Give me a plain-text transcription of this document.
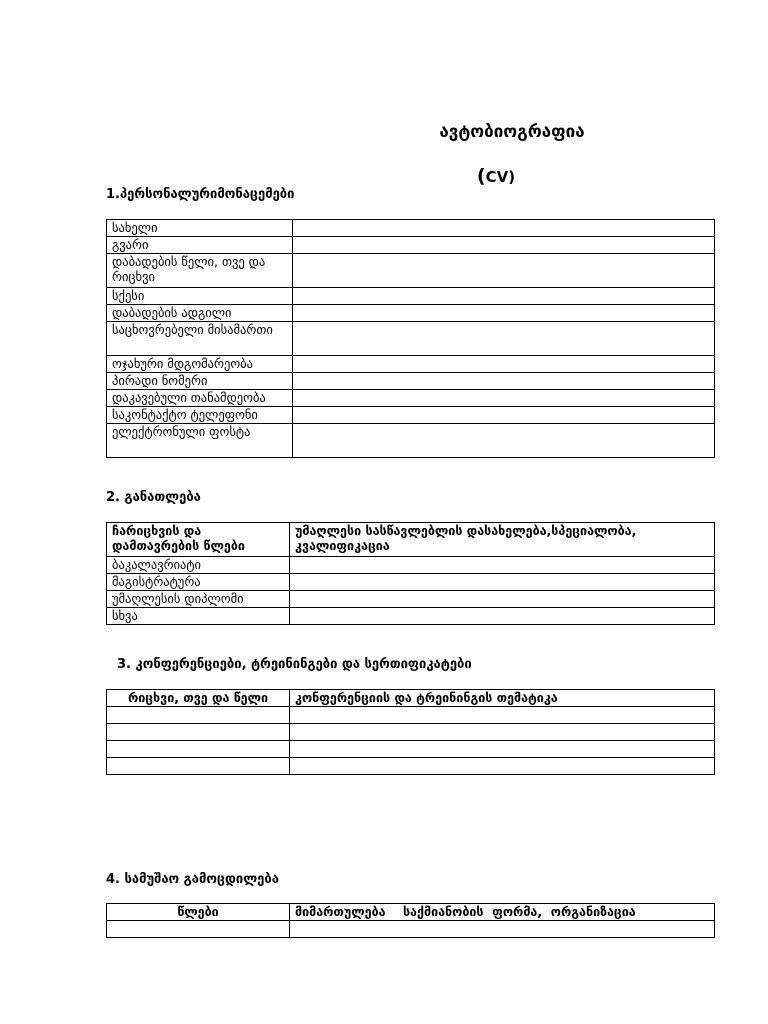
ავტობიოგრაფია
(CV)
1.პერსონალურიმონაცემები
სახელი	
გვარი	
დაბადების წელი, თვე და რიცხვი	
სქესი	
დაბადების ადგილი	
საცხოვრებელი მისამართი	
ოჯახური მდგომარეობა	
პირადი ნომერი	
დაკავებული თანამდეობა	
საკონტაქტო ტელეფონი	
ელექტრონული ფოსტა	
2. განათლება
ჩარიცხვის და დამთავრების წლები	უმაღლესი სასწავლებლის დასახელება,სპეციალობა, კვალიფიკაცია
ბაკალავრიატი	
მაგისტრატურა	
უმაღლესის დიპლომი	
სხვა	
3. კონფერენციები, ტრეინინგები და სერთიფიკატები
რიცხვი, თვე და წელი	კონფერენციის და ტრეინინგის თემატიკა

4. სამუშაო გამოცდილება
წლები	მიმართულება    საქმიანობის  ფორმა,  ორგანიზაცია
